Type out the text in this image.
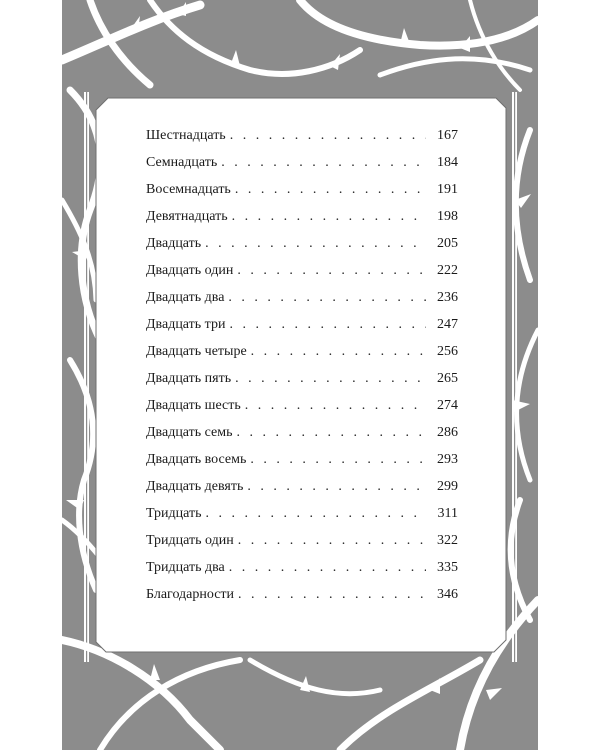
Шестнадцать . . .	167
Семнадцать . . .	184
Восемнадцать . . .	191
Девятнадцать . . .	198
Двадцать . . .	205
Двадцать один . . .	222
Двадцать два . . .	236
Двадцать три . . .	247
Двадцать четыре . . .	256
Двадцать пять . . .	265
Двадцать шесть . . .	274
Двадцать семь . . .	286
Двадцать восемь . . .	293
Двадцать девять . . .	299
Тридцать . . .	311
Тридцать один . . .	322
Тридцать два . . .	335
Благодарности . . .	346
